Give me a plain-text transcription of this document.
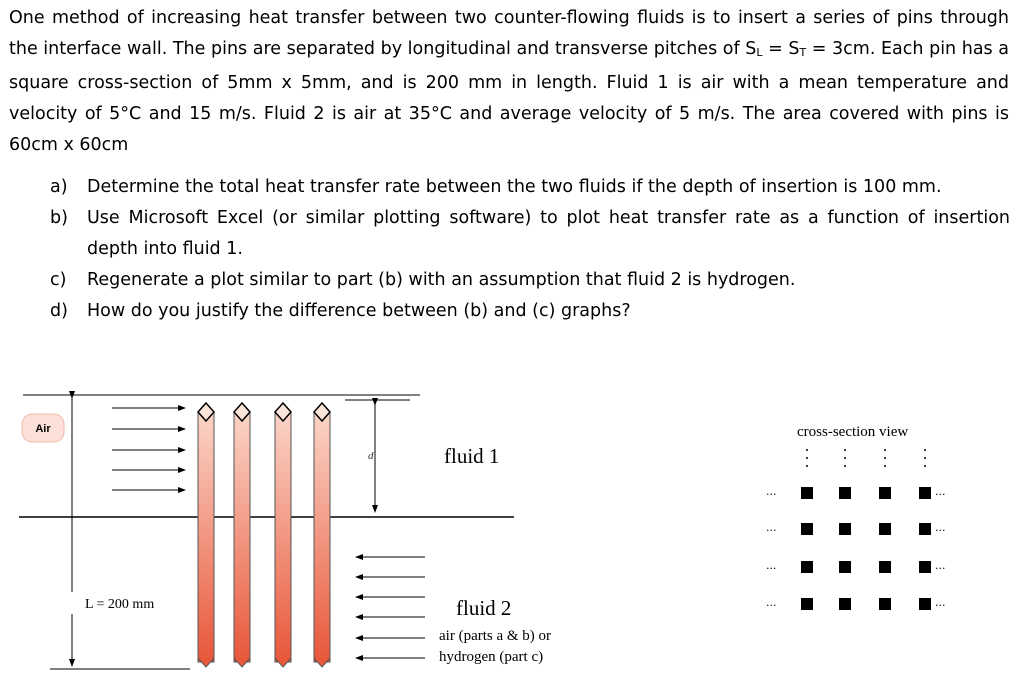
One method of increasing heat transfer between two counter-flowing fluids is to insert a series of pins through the interface wall. The pins are separated by longitudinal and transverse pitches of SL = ST = 3cm. Each pin has a square cross-section of 5mm x 5mm, and is 200 mm in length. Fluid 1 is air with a mean temperature and velocity of 5°C and 15 m/s. Fluid 2 is air at 35°C and average velocity of 5 m/s. The area covered with pins is 60cm x 60cm

a) Determine the total heat transfer rate between the two fluids if the depth of insertion is 100 mm.
b) Use Microsoft Excel (or similar plotting software) to plot heat transfer rate as a function of insertion depth into fluid 1.
c) Regenerate a plot similar to part (b) with an assumption that fluid 2 is hydrogen.
d) How do you justify the difference between (b) and (c) graphs?
Air
L = 200 mm
d	fluid 1
fluid 2
air (parts a & b) or
hydrogen (part c)
cross-section view
···	···
···	···
···	···
···	···
